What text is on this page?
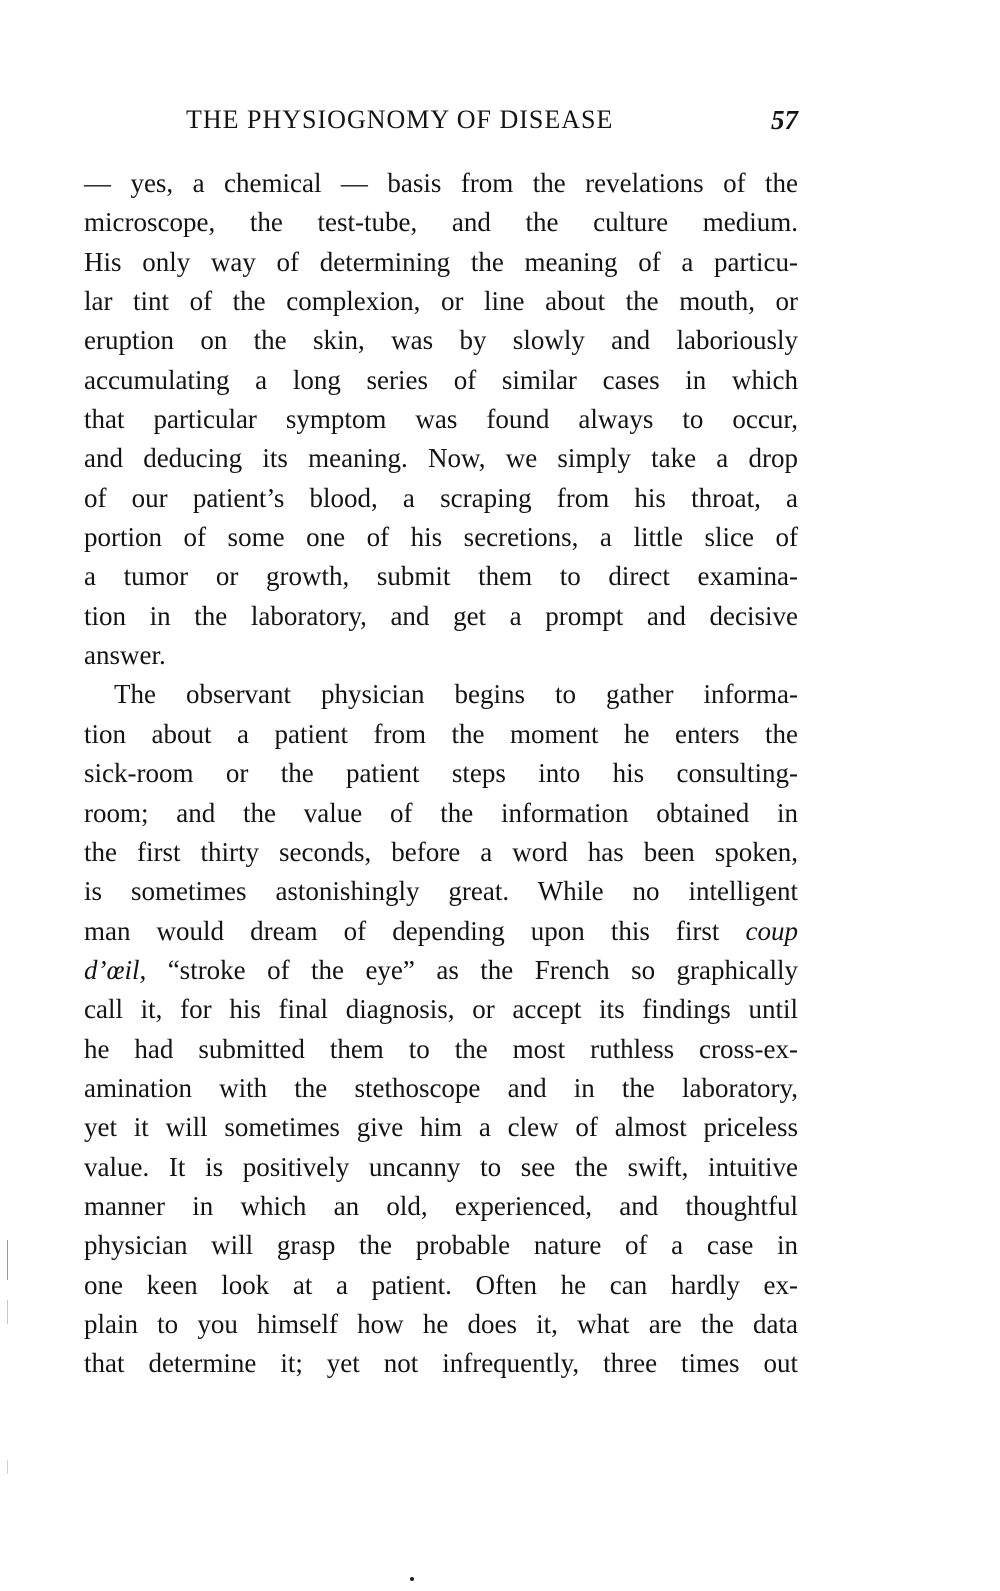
THE PHYSIOGNOMY OF DISEASE	57
— yes, a chemical — basis from the revelations of the
microscope, the test-tube, and the culture medium.
His only way of determining the meaning of a particu-
lar tint of the complexion, or line about the mouth, or
eruption on the skin, was by slowly and laboriously
accumulating a long series of similar cases in which
that particular symptom was found always to occur,
and deducing its meaning. Now, we simply take a drop
of our patient’s blood, a scraping from his throat, a
portion of some one of his secretions, a little slice of
a tumor or growth, submit them to direct examina-
tion in the laboratory, and get a prompt and decisive
answer.
The observant physician begins to gather informa-
tion about a patient from the moment he enters the
sick-room or the patient steps into his consulting-
room; and the value of the information obtained in
the first thirty seconds, before a word has been spoken,
is sometimes astonishingly great. While no intelligent
man would dream of depending upon this first coup
d’œil, “stroke of the eye” as the French so graphically
call it, for his final diagnosis, or accept its findings until
he had submitted them to the most ruthless cross-ex-
amination with the stethoscope and in the laboratory,
yet it will sometimes give him a clew of almost priceless
value. It is positively uncanny to see the swift, intuitive
manner in which an old, experienced, and thoughtful
physician will grasp the probable nature of a case in
one keen look at a patient. Often he can hardly ex-
plain to you himself how he does it, what are the data
that determine it; yet not infrequently, three times out
